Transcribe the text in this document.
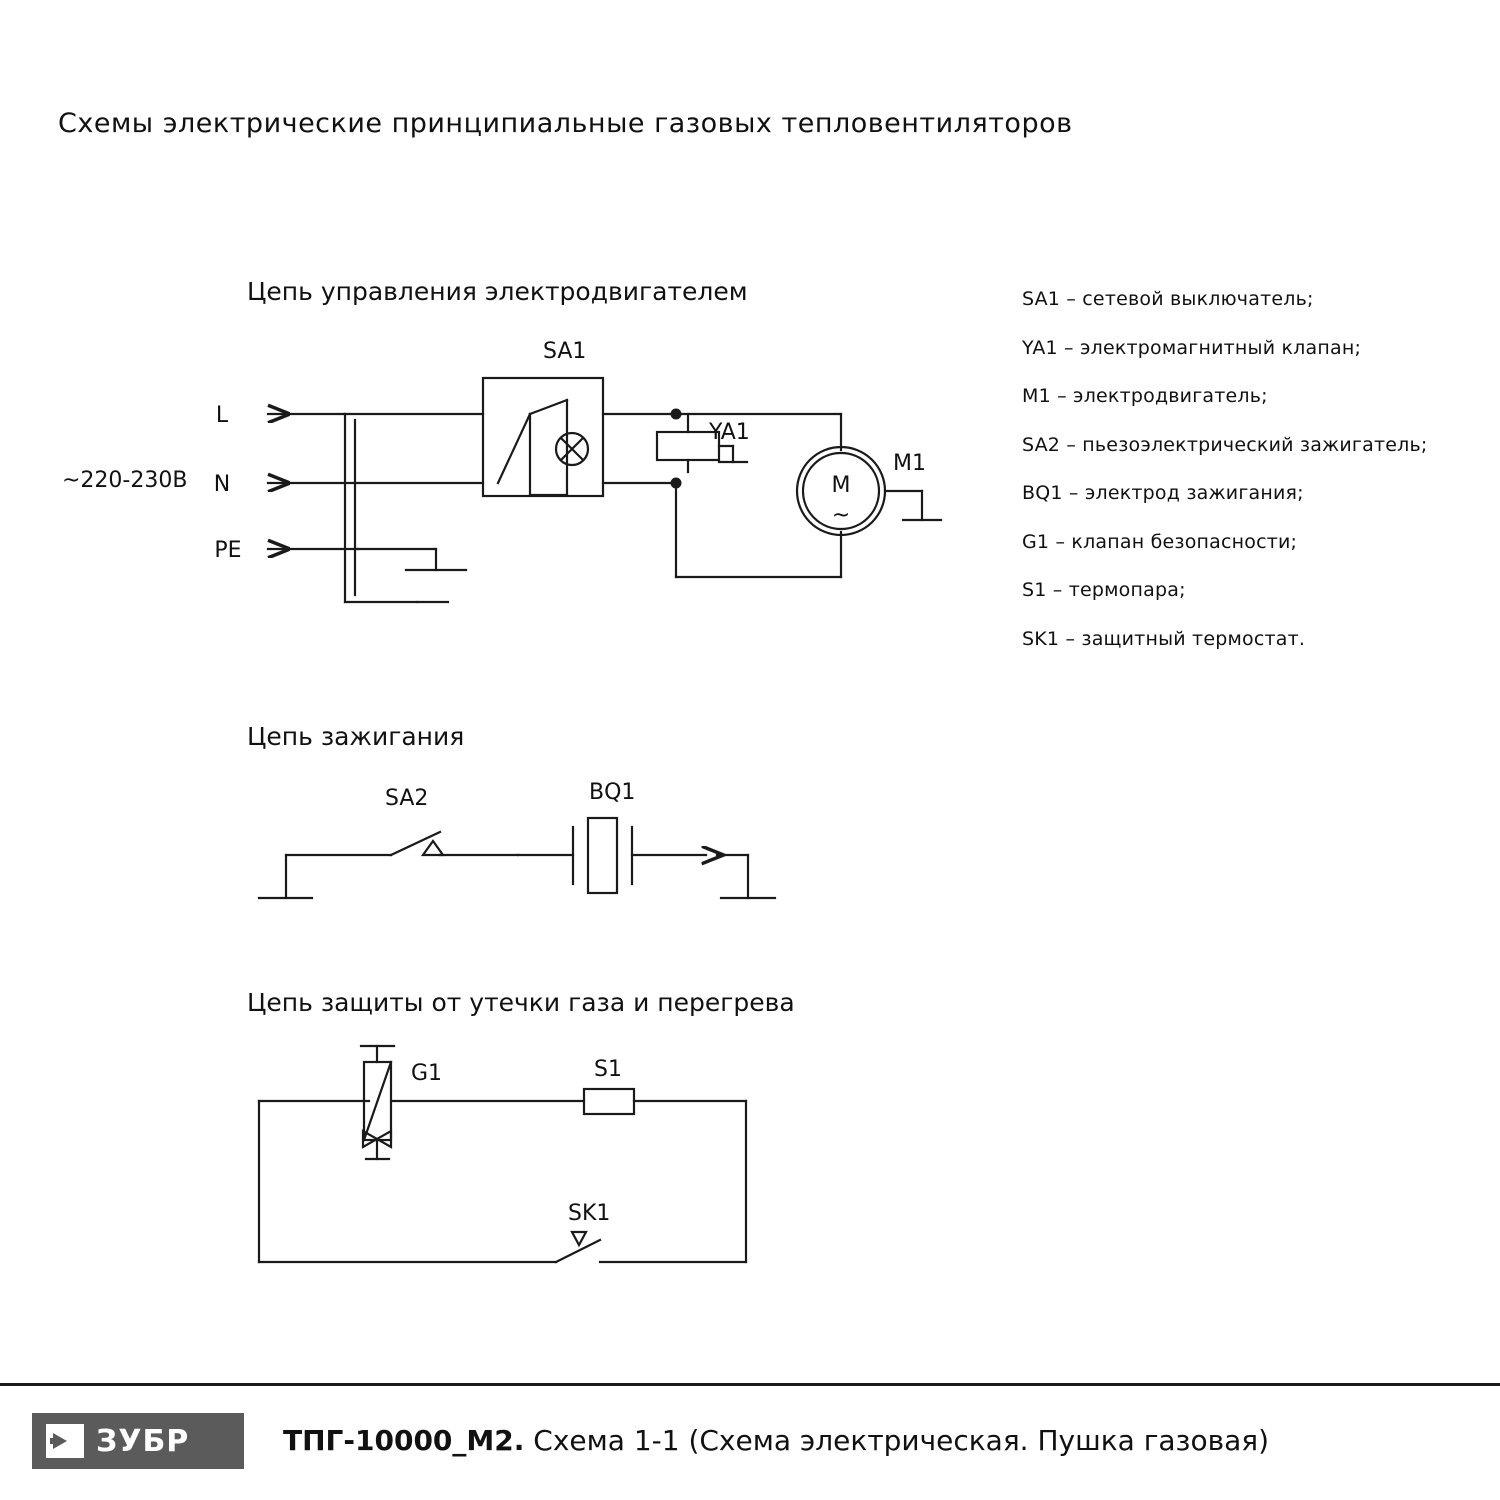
Схемы электрические принципиальные газовых тепловентиляторов
Цепь управления электродвигателем
Цепь зажигания
Цепь защиты от утечки газа и перегрева
L
N
PE
~220-230В
SA1
YA1
M1
M
~
SA2	BQ1
G1	S1
SK1
SA1 – сетевой выключатель;
YA1 – электромагнитный клапан;
M1 – электродвигатель;
SA2 – пьезоэлектрический зажигатель;
BQ1 – электрод зажигания;
G1 – клапан безопасности;
S1 – термопара;
SK1 – защитный термостат.
ЗУБР	ТПГ-10000_М2. Схема 1-1 (Схема электрическая. Пушка газовая)
